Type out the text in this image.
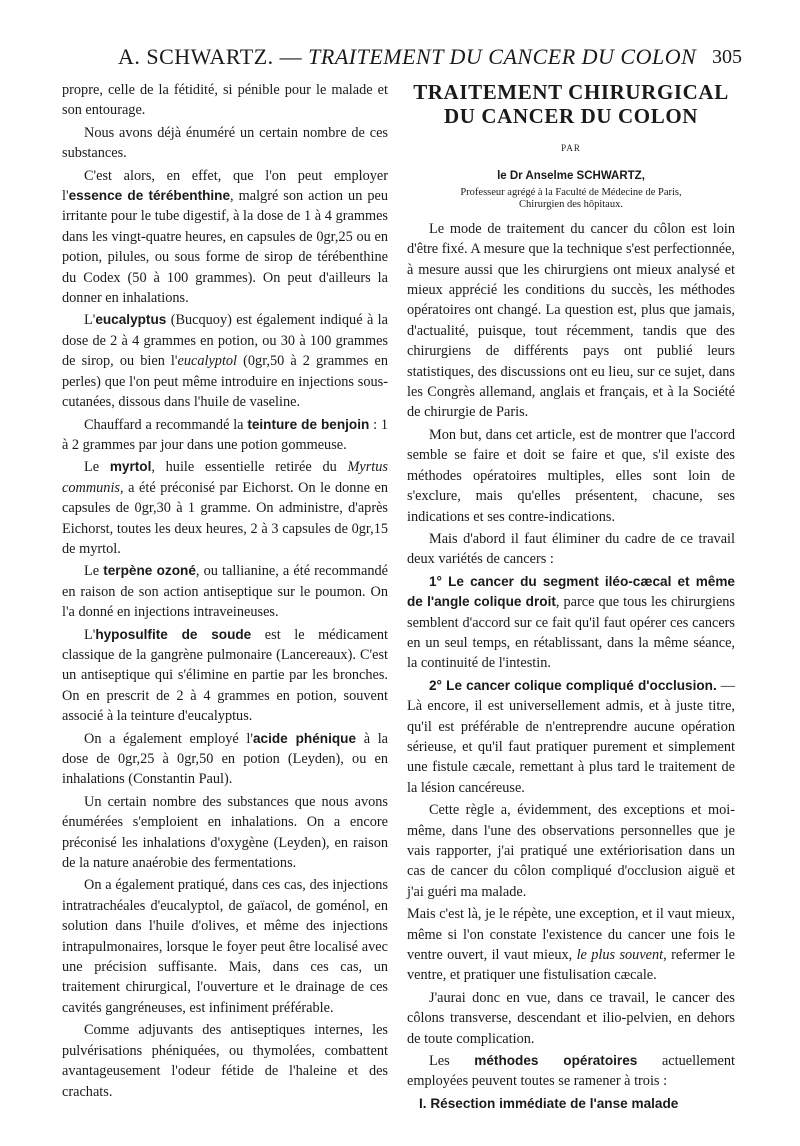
A. SCHWARTZ. — TRAITEMENT DU CANCER DU COLON 305

propre, celle de la fétidité, si pénible pour le malade et son entourage.

Nous avons déjà énuméré un certain nombre de ces substances.

C'est alors, en effet, que l'on peut employer l'essence de térébenthine, malgré son action un peu irritante pour le tube digestif, à la dose de 1 à 4 grammes dans les vingt-quatre heures, en capsules de 0gr,25 ou en potion, pilules, ou sous forme de sirop de térébenthine du Codex (50 à 100 grammes). On peut d'ailleurs la donner en inhalations.

L'eucalyptus (Bucquoy) est également indiqué à la dose de 2 à 4 grammes en potion, ou 30 à 100 grammes de sirop, ou bien l'eucalyptol (0gr,50 à 2 grammes en perles) que l'on peut même introduire en injections sous-cutanées, dissous dans l'huile de vaseline.

Chauffard a recommandé la teinture de benjoin : 1 à 2 grammes par jour dans une potion gommeuse.

Le myrtol, huile essentielle retirée du Myrtus communis, a été préconisé par Eichorst. On le donne en capsules de 0gr,30 à 1 gramme. On administre, d'après Eichorst, toutes les deux heures, 2 à 3 capsules de 0gr,15 de myrtol.

Le terpène ozoné, ou tallianine, a été recommandé en raison de son action antiseptique sur le poumon. On l'a donné en injections intraveineuses.

L'hyposulfite de soude est le médicament classique de la gangrène pulmonaire (Lancereaux). C'est un antiseptique qui s'élimine en partie par les bronches. On en prescrit de 2 à 4 grammes en potion, souvent associé à la teinture d'eucalyptus.

On a également employé l'acide phénique à la dose de 0gr,25 à 0gr,50 en potion (Leyden), ou en inhalations (Constantin Paul).

Un certain nombre des substances que nous avons énumérées s'emploient en inhalations. On a encore préconisé les inhalations d'oxygène (Leyden), en raison de la nature anaérobie des fermentations.

On a également pratiqué, dans ces cas, des injections intratrachéales d'eucalyptol, de gaïacol, de goménol, en solution dans l'huile d'olives, et même des injections intrapulmonaires, lorsque le foyer peut être localisé avec une précision suffisante. Mais, dans ces cas, un traitement chirurgical, l'ouverture et le drainage de ces cavités gangréneuses, est infiniment préférable.

Comme adjuvants des antiseptiques internes, les pulvérisations phéniquées, ou thymolées, combattent avantageusement l'odeur fétide de l'haleine et des crachats.

TRAITEMENT CHIRURGICAL
DU CANCER DU COLON
PAR
le Dr Anselme SCHWARTZ,
Professeur agrégé à la Faculté de Médecine de Paris,
Chirurgien des hôpitaux.

Le mode de traitement du cancer du côlon est loin d'être fixé. A mesure que la technique s'est perfectionnée, à mesure aussi que les chirurgiens ont mieux analysé et mieux apprécié les conditions du succès, les méthodes opératoires ont changé. La question est, plus que jamais, d'actualité, puisque, tout récemment, tandis que des chirurgiens de différents pays ont publié leurs statistiques, des discussions ont eu lieu, sur ce sujet, dans les Congrès allemand, anglais et français, et à la Société de chirurgie de Paris.

Mon but, dans cet article, est de montrer que l'accord semble se faire et doit se faire et que, s'il existe des méthodes opératoires multiples, elles sont loin de s'exclure, mais qu'elles présentent, chacune, ses indications et ses contre-indications.

Mais d'abord il faut éliminer du cadre de ce travail deux variétés de cancers :

1° Le cancer du segment iléo-cæcal et même de l'angle colique droit, parce que tous les chirurgiens semblent d'accord sur ce fait qu'il faut opérer ces cancers en un seul temps, en rétablissant, dans la même séance, la continuité de l'intestin.

2° Le cancer colique compliqué d'occlusion. — Là encore, il est universellement admis, et à juste titre, qu'il est préférable de n'entreprendre aucune opération sérieuse, et qu'il faut pratiquer purement et simplement une fistule cæcale, remettant à plus tard le traitement de la lésion cancéreuse.

Cette règle a, évidemment, des exceptions et moi-même, dans l'une des observations personnelles que je vais rapporter, j'ai pratiqué une extériorisation dans un cas de cancer du côlon compliqué d'occlusion aiguë et j'ai guéri ma malade.

Mais c'est là, je le répète, une exception, et il vaut mieux, même si l'on constate l'existence du cancer une fois le ventre ouvert, il vaut mieux, le plus souvent, refermer le ventre, et pratiquer une fistulisation cæcale.

J'aurai donc en vue, dans ce travail, le cancer des côlons transverse, descendant et ilio-pelvien, en dehors de toute complication.

Les méthodes opératoires actuellement employées peuvent toutes se ramener à trois :

I. Résection immédiate de l'anse malade
